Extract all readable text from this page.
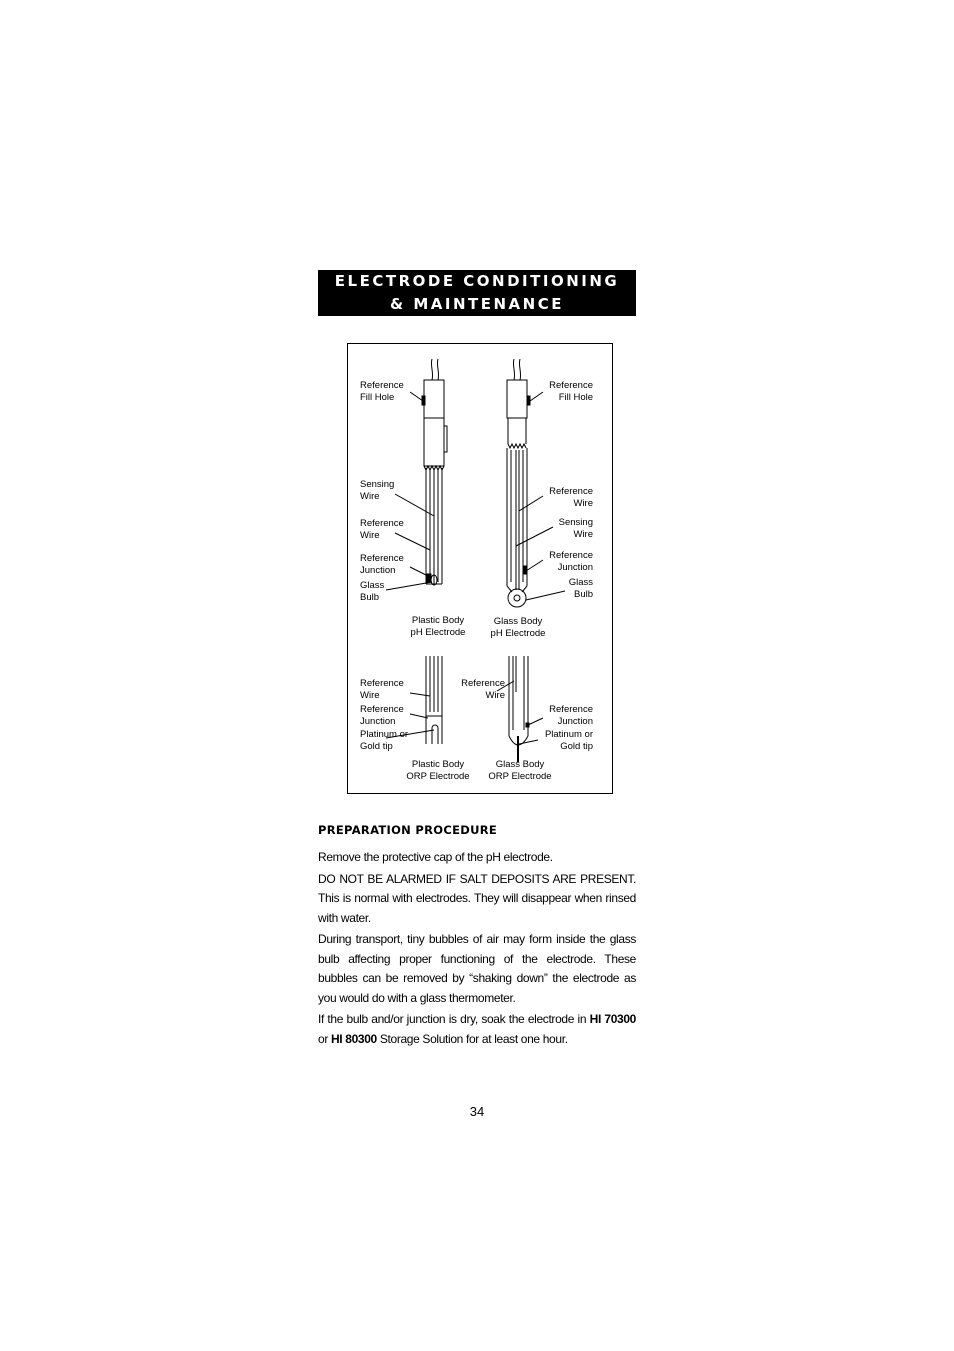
ELECTRODE CONDITIONING
& MAINTENANCE
Reference
Fill Hole
Sensing
Wire
Reference
Wire
Reference
Junction
Glass
Bulb
Plastic Body
pH Electrode
Reference
Fill Hole
Reference
Wire
Sensing
Wire
Reference
Junction
Glass
Bulb
Glass Body
pH Electrode
Reference
Wire
Reference
Junction
Platinum or
Gold tip
Plastic Body
ORP Electrode
Reference
Wire
Reference
Junction
Platinum or
Gold tip
Glass Body
ORP Electrode
PREPARATION PROCEDURE

Remove the protective cap of the pH electrode.

DO NOT BE ALARMED IF SALT DEPOSITS ARE PRESENT. This is normal with electrodes. They will disappear when rinsed with water.

During transport, tiny bubbles of air may form inside the glass bulb affecting proper functioning of the electrode. These bubbles can be removed by “shaking down” the electrode as you would do with a glass thermometer.

If the bulb and/or junction is dry, soak the electrode in HI 70300 or HI 80300 Storage Solution for at least one hour.

34
